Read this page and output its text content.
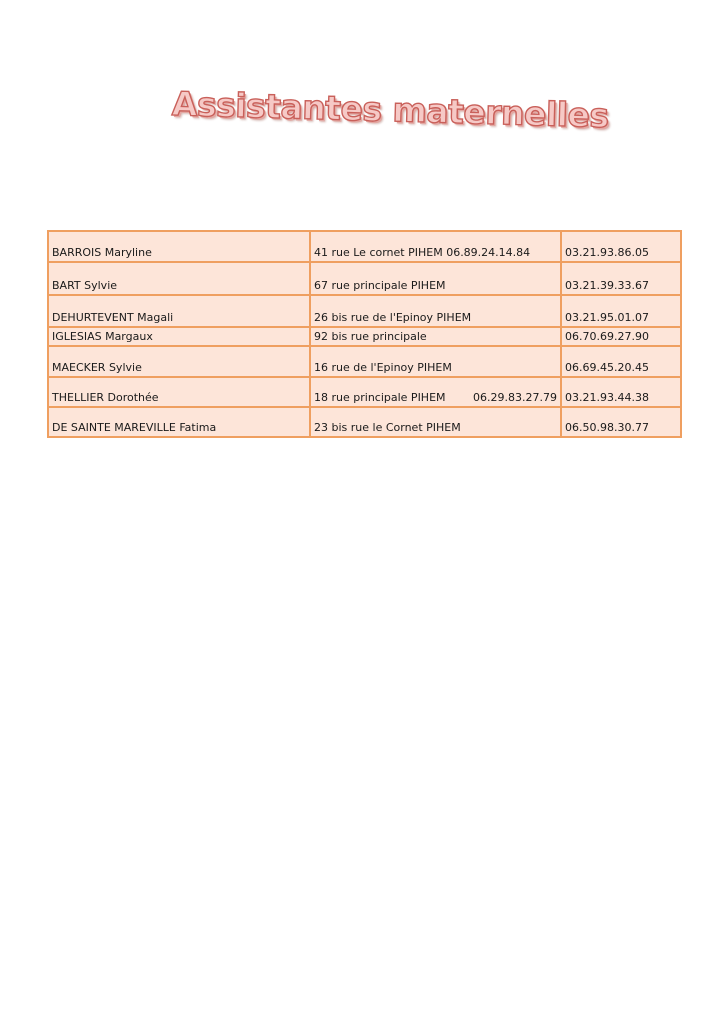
Assistantes maternelles
BARROIS Maryline	41 rue Le cornet PIHEM 06.89.24.14.84	03.21.93.86.05
BART Sylvie	67 rue principale PIHEM	03.21.39.33.67
DEHURTEVENT Magali	26 bis rue de l'Epinoy PIHEM	03.21.95.01.07
IGLESIAS Margaux	92 bis rue principale	06.70.69.27.90
MAECKER Sylvie	16 rue de l'Epinoy PIHEM	06.69.45.20.45
THELLIER Dorothée	18 rue principale PIHEM 06.29.83.27.79	03.21.93.44.38
DE SAINTE MAREVILLE Fatima	23 bis rue le Cornet PIHEM	06.50.98.30.77
